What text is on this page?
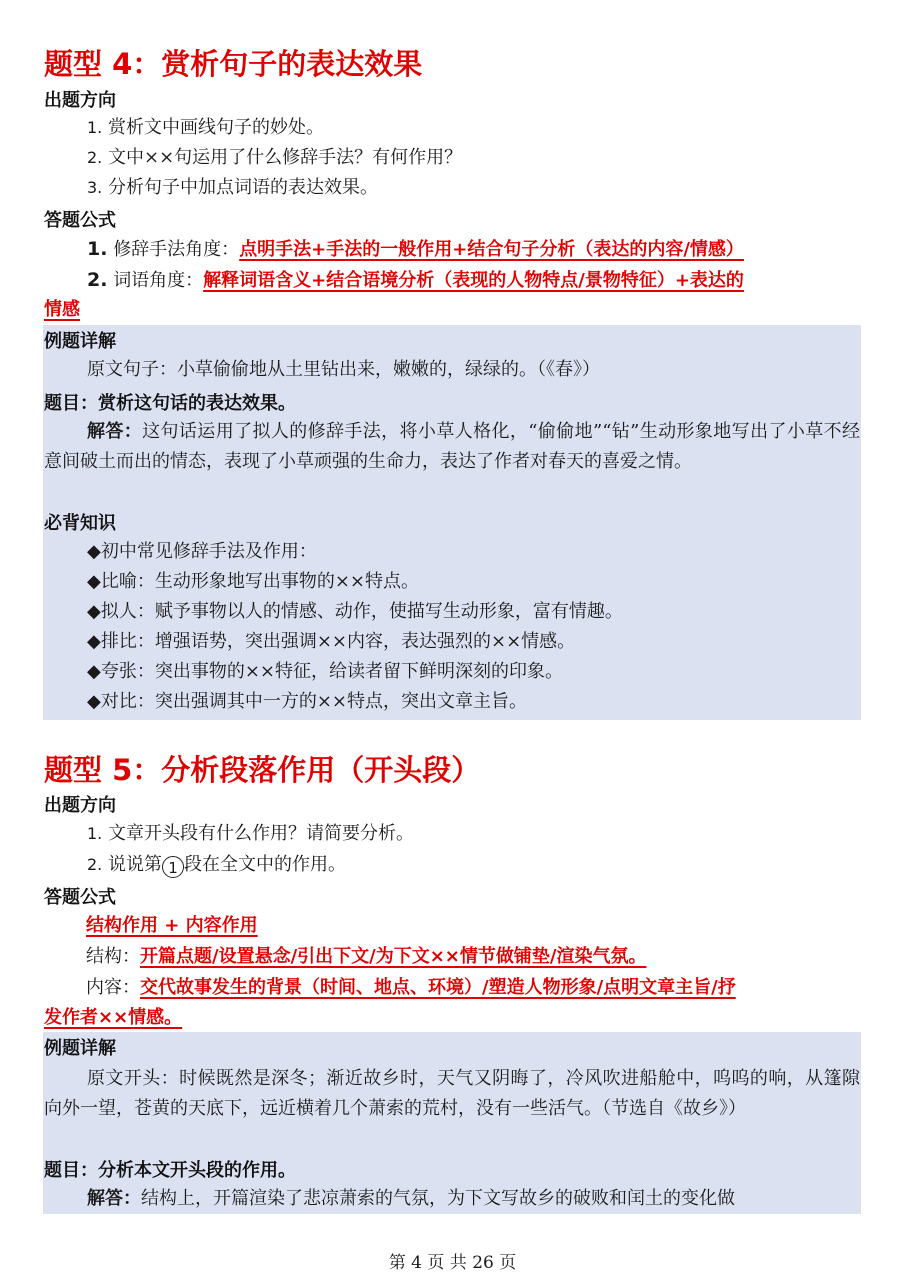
题型 4：赏析句子的表达效果
出题方向
1. 赏析文中画线句子的妙处。
2. 文中××句运用了什么修辞手法？有何作用？
3. 分析句子中加点词语的表达效果。
答题公式
1. 修辞手法角度：点明手法+手法的一般作用+结合句子分析（表达的内容/情感）
2. 词语角度：解释词语含义+结合语境分析（表现的人物特点/景物特征）+表达的
情感
例题详解
原文句子：小草偷偷地从土里钻出来，嫩嫩的，绿绿的。（《春》）
题目：赏析这句话的表达效果。
解答：这句话运用了拟人的修辞手法，将小草人格化，“偷偷地”“钻”生动形象地写出了小草不经意间破土而出的情态，表现了小草顽强的生命力，表达了作者对春天的喜爱之情。
必背知识
◆初中常见修辞手法及作用：
◆比喻：生动形象地写出事物的××特点。
◆拟人：赋予事物以人的情感、动作，使描写生动形象，富有情趣。
◆排比：增强语势，突出强调××内容，表达强烈的××情感。
◆夸张：突出事物的××特征，给读者留下鲜明深刻的印象。
◆对比：突出强调其中一方的××特点，突出文章主旨。
题型 5：分析段落作用（开头段）
出题方向
1. 文章开头段有什么作用？请简要分析。
2. 说说第 1 段在全文中的作用。
答题公式
结构作用 + 内容作用
结构：开篇点题/设置悬念/引出下文/为下文××情节做铺垫/渲染气氛。
内容：交代故事发生的背景（时间、地点、环境）/塑造人物形象/点明文章主旨/抒
发作者××情感。
例题详解
原文开头：时候既然是深冬；渐近故乡时，天气又阴晦了，冷风吹进船舱中，呜呜的响，从篷隙向外一望，苍黄的天底下，远近横着几个萧索的荒村，没有一些活气。（节选自《故乡》）
题目：分析本文开头段的作用。
解答：结构上，开篇渲染了悲凉萧索的气氛，为下文写故乡的破败和闰土的变化做
第 4 页 共 26 页
